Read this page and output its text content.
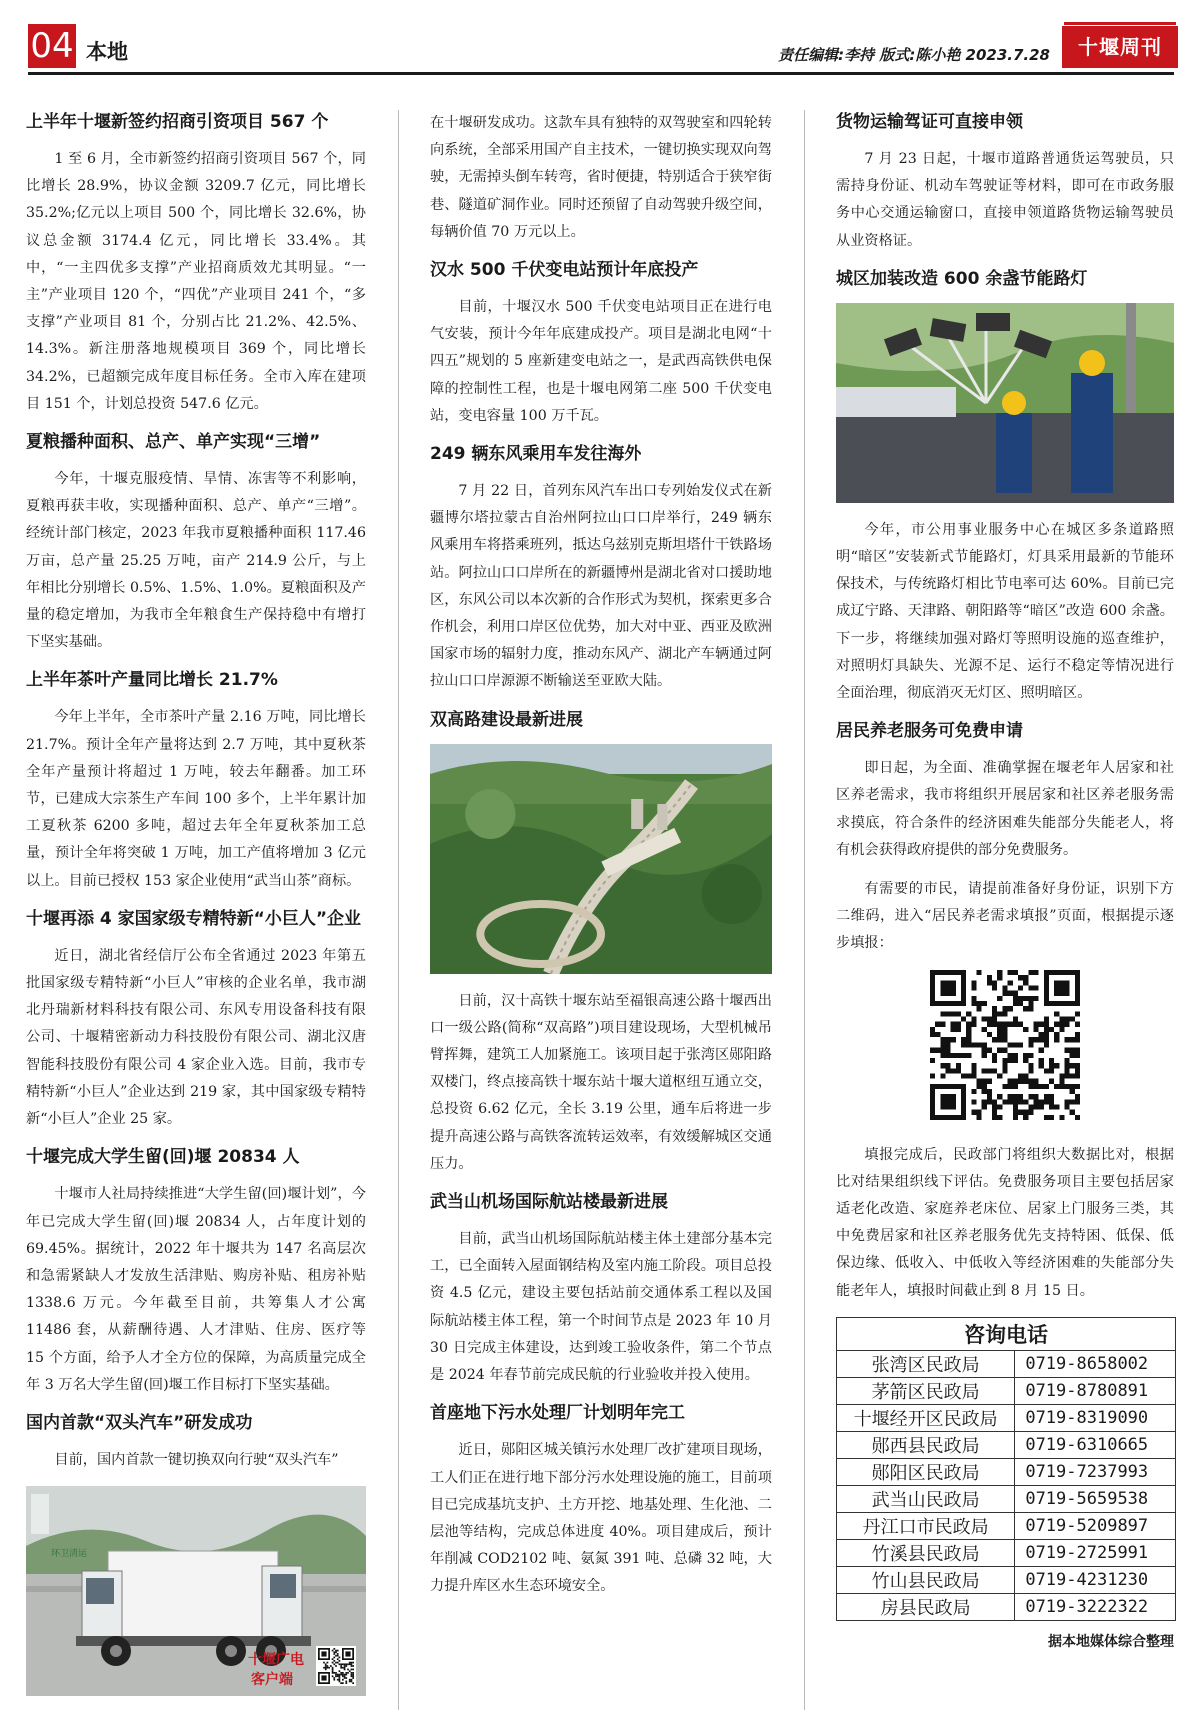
04 本地	责任编辑:李持 版式:陈小艳 2023.7.28	十堰周刊
上半年十堰新签约招商引资项目 567 个

1 至 6 月，全市新签约招商引资项目 567 个，同比增长 28.9%，协议金额 3209.7 亿元，同比增长 35.2%;亿元以上项目 500 个，同比增长 32.6%，协议总金额 3174.4 亿元，同比增长 33.4%。其中，“一主四优多支撑”产业招商质效尤其明显。“一主”产业项目 120 个，“四优”产业项目 241 个，“多支撑”产业项目 81 个，分别占比 21.2%、42.5%、14.3%。新注册落地规模项目 369 个，同比增长 34.2%，已超额完成年度目标任务。全市入库在建项目 151 个，计划总投资 547.6 亿元。

夏粮播种面积、总产、单产实现“三增”

今年，十堰克服疫情、旱情、冻害等不利影响，夏粮再获丰收，实现播种面积、总产、单产“三增”。经统计部门核定，2023 年我市夏粮播种面积 117.46 万亩，总产量 25.25 万吨，亩产 214.9 公斤，与上年相比分别增长 0.5%、1.5%、1.0%。夏粮面积及产量的稳定增加，为我市全年粮食生产保持稳中有增打下坚实基础。

上半年茶叶产量同比增长 21.7%

今年上半年，全市茶叶产量 2.16 万吨，同比增长 21.7%。预计全年产量将达到 2.7 万吨，其中夏秋茶全年产量预计将超过 1 万吨，较去年翻番。加工环节，已建成大宗茶生产车间 100 多个，上半年累计加工夏秋茶 6200 多吨，超过去年全年夏秋茶加工总量，预计全年将突破 1 万吨，加工产值将增加 3 亿元以上。目前已授权 153 家企业使用“武当山茶”商标。

十堰再添 4 家国家级专精特新“小巨人”企业

近日，湖北省经信厅公布全省通过 2023 年第五批国家级专精特新“小巨人”审核的企业名单，我市湖北丹瑞新材料科技有限公司、东风专用设备科技有限公司、十堰精密新动力科技股份有限公司、湖北汉唐智能科技股份有限公司 4 家企业入选。目前，我市专精特新“小巨人”企业达到 219 家，其中国家级专精特新“小巨人”企业 25 家。

十堰完成大学生留(回)堰 20834 人

十堰市人社局持续推进“大学生留(回)堰计划”，今年已完成大学生留(回)堰 20834 人，占年度计划的 69.45%。据统计，2022 年十堰共为 147 名高层次和急需紧缺人才发放生活津贴、购房补贴、租房补贴 1338.6 万元。今年截至目前，共筹集人才公寓 11486 套，从薪酬待遇、人才津贴、住房、医疗等 15 个方面，给予人才全方位的保障，为高质量完成全年 3 万名大学生留(回)堰工作目标打下坚实基础。

国内首款“双头汽车”研发成功

目前，国内首款一键切换双向行驶“双头汽车”

环卫清运
十堰广电
客户端

在十堰研发成功。这款车具有独特的双驾驶室和四轮转向系统，全部采用国产自主技术，一键切换实现双向驾驶，无需掉头倒车转弯，省时便捷，特别适合于狭窄街巷、隧道矿洞作业。同时还预留了自动驾驶升级空间，每辆价值 70 万元以上。

汉水 500 千伏变电站预计年底投产

目前，十堰汉水 500 千伏变电站项目正在进行电气安装，预计今年年底建成投产。项目是湖北电网“十四五”规划的 5 座新建变电站之一，是武西高铁供电保障的控制性工程，也是十堰电网第二座 500 千伏变电站，变电容量 100 万千瓦。

249 辆东风乘用车发往海外

7 月 22 日，首列东风汽车出口专列始发仪式在新疆博尔塔拉蒙古自治州阿拉山口口岸举行，249 辆东风乘用车将搭乘班列，抵达乌兹别克斯坦塔什干铁路场站。阿拉山口口岸所在的新疆博州是湖北省对口援助地区，东风公司以本次新的合作形式为契机，探索更多合作机会，利用口岸区位优势，加大对中亚、西亚及欧洲国家市场的辐射力度，推动东风产、湖北产车辆通过阿拉山口口岸源源不断输送至亚欧大陆。

双高路建设最新进展

日前，汉十高铁十堰东站至福银高速公路十堰西出口一级公路(简称“双高路”)项目建设现场，大型机械吊臂挥舞，建筑工人加紧施工。该项目起于张湾区郧阳路双楼门，终点接高铁十堰东站十堰大道枢纽互通立交，总投资 6.62 亿元，全长 3.19 公里，通车后将进一步提升高速公路与高铁客流转运效率，有效缓解城区交通压力。

武当山机场国际航站楼最新进展

目前，武当山机场国际航站楼主体土建部分基本完工，已全面转入屋面钢结构及室内施工阶段。项目总投资 4.5 亿元，建设主要包括站前交通体系工程以及国际航站楼主体工程，第一个时间节点是 2023 年 10 月 30 日完成主体建设，达到竣工验收条件，第二个节点是 2024 年春节前完成民航的行业验收并投入使用。

首座地下污水处理厂计划明年完工

近日，郧阳区城关镇污水处理厂改扩建项目现场，工人们正在进行地下部分污水处理设施的施工，目前项目已完成基坑支护、土方开挖、地基处理、生化池、二层池等结构，完成总体进度 40%。项目建成后，预计年削减 COD2102 吨、氨氮 391 吨、总磷 32 吨，大力提升库区水生态环境安全。

货物运输驾证可直接申领

7 月 23 日起，十堰市道路普通货运驾驶员，只需持身份证、机动车驾驶证等材料，即可在市政务服务中心交通运输窗口，直接申领道路货物运输驾驶员从业资格证。

城区加装改造 600 余盏节能路灯

今年，市公用事业服务中心在城区多条道路照明“暗区”安装新式节能路灯，灯具采用最新的节能环保技术，与传统路灯相比节电率可达 60%。目前已完成辽宁路、天津路、朝阳路等“暗区”改造 600 余盏。下一步，将继续加强对路灯等照明设施的巡查维护，对照明灯具缺失、光源不足、运行不稳定等情况进行全面治理，彻底消灭无灯区、照明暗区。

居民养老服务可免费申请

即日起，为全面、准确掌握在堰老年人居家和社区养老需求，我市将组织开展居家和社区养老服务需求摸底，符合条件的经济困难失能部分失能老人，将有机会获得政府提供的部分免费服务。

有需要的市民，请提前准备好身份证，识别下方二维码，进入“居民养老需求填报”页面，根据提示逐步填报：

填报完成后，民政部门将组织大数据比对，根据比对结果组织线下评估。免费服务项目主要包括居家适老化改造、家庭养老床位、居家上门服务三类，其中免费居家和社区养老服务优先支持特困、低保、低保边缘、低收入、中低收入等经济困难的失能部分失能老年人，填报时间截止到 8 月 15 日。

咨询电话	
张湾区民政局	0719-8658002
茅箭区民政局	0719-8780891
十堰经开区民政局	0719-8319090
郧西县民政局	0719-6310665
郧阳区民政局	0719-7237993
武当山民政局	0719-5659538
丹江口市民政局	0719-5209897
竹溪县民政局	0719-2725991
竹山县民政局	0719-4231230
房县民政局	0719-3222322
据本地媒体综合整理
